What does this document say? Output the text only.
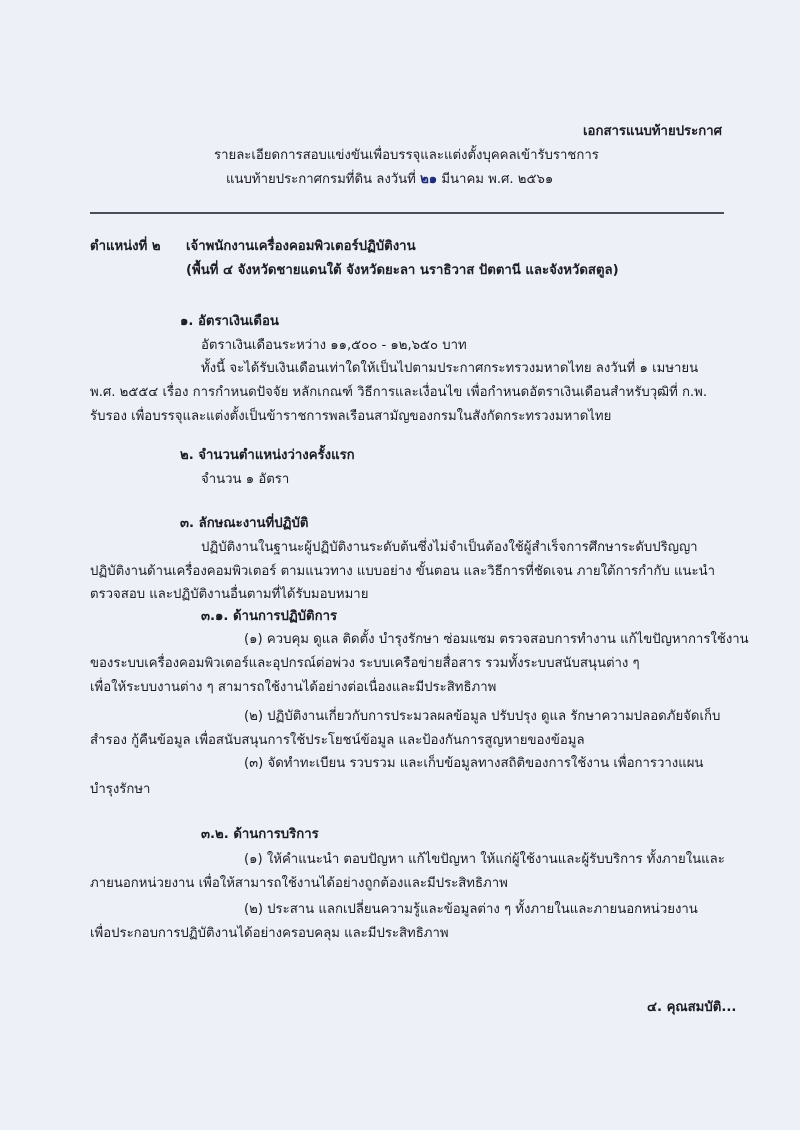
เอกสารแนบท้ายประกาศ
รายละเอียดการสอบแข่งขันเพื่อบรรจุและแต่งตั้งบุคคลเข้ารับราชการ
แนบท้ายประกาศกรมที่ดิน ลงวันที่ ๒๑ มีนาคม พ.ศ. ๒๕๖๑
ตำแหน่งที่ ๒ เจ้าพนักงานเครื่องคอมพิวเตอร์ปฏิบัติงาน
(พื้นที่ ๔ จังหวัดชายแดนใต้ จังหวัดยะลา นราธิวาส ปัตตานี และจังหวัดสตูล)
๑. อัตราเงินเดือน
อัตราเงินเดือนระหว่าง ๑๑,๕๐๐ - ๑๒,๖๕๐ บาท
ทั้งนี้ จะได้รับเงินเดือนเท่าใดให้เป็นไปตามประกาศกระทรวงมหาดไทย ลงวันที่ ๑ เมษายน
พ.ศ. ๒๕๕๔ เรื่อง การกำหนดปัจจัย หลักเกณฑ์ วิธีการและเงื่อนไข เพื่อกำหนดอัตราเงินเดือนสำหรับวุฒิที่ ก.พ.
รับรอง เพื่อบรรจุและแต่งตั้งเป็นข้าราชการพลเรือนสามัญของกรมในสังกัดกระทรวงมหาดไทย
๒. จำนวนตำแหน่งว่างครั้งแรก
จำนวน ๑ อัตรา
๓. ลักษณะงานที่ปฏิบัติ
ปฏิบัติงานในฐานะผู้ปฏิบัติงานระดับต้นซึ่งไม่จำเป็นต้องใช้ผู้สำเร็จการศึกษาระดับปริญญา
ปฏิบัติงานด้านเครื่องคอมพิวเตอร์ ตามแนวทาง แบบอย่าง ขั้นตอน และวิธีการที่ชัดเจน ภายใต้การกำกับ แนะนำ
ตรวจสอบ และปฏิบัติงานอื่นตามที่ได้รับมอบหมาย
๓.๑. ด้านการปฏิบัติการ
(๑) ควบคุม ดูแล ติดตั้ง บำรุงรักษา ซ่อมแซม ตรวจสอบการทำงาน แก้ไขปัญหาการใช้งาน
ของระบบเครื่องคอมพิวเตอร์และอุปกรณ์ต่อพ่วง ระบบเครือข่ายสื่อสาร รวมทั้งระบบสนับสนุนต่าง ๆ
เพื่อให้ระบบงานต่าง ๆ สามารถใช้งานได้อย่างต่อเนื่องและมีประสิทธิภาพ
(๒) ปฏิบัติงานเกี่ยวกับการประมวลผลข้อมูล ปรับปรุง ดูแล รักษาความปลอดภัยจัดเก็บ
สำรอง กู้คืนข้อมูล เพื่อสนับสนุนการใช้ประโยชน์ข้อมูล และป้องกันการสูญหายของข้อมูล
(๓) จัดทำทะเบียน รวบรวม และเก็บข้อมูลทางสถิติของการใช้งาน เพื่อการวางแผน
บำรุงรักษา
๓.๒. ด้านการบริการ
(๑) ให้คำแนะนำ ตอบปัญหา แก้ไขปัญหา ให้แก่ผู้ใช้งานและผู้รับบริการ ทั้งภายในและ
ภายนอกหน่วยงาน เพื่อให้สามารถใช้งานได้อย่างถูกต้องและมีประสิทธิภาพ
(๒) ประสาน แลกเปลี่ยนความรู้และข้อมูลต่าง ๆ ทั้งภายในและภายนอกหน่วยงาน
เพื่อประกอบการปฏิบัติงานได้อย่างครอบคลุม และมีประสิทธิภาพ
๔. คุณสมบัติ...
